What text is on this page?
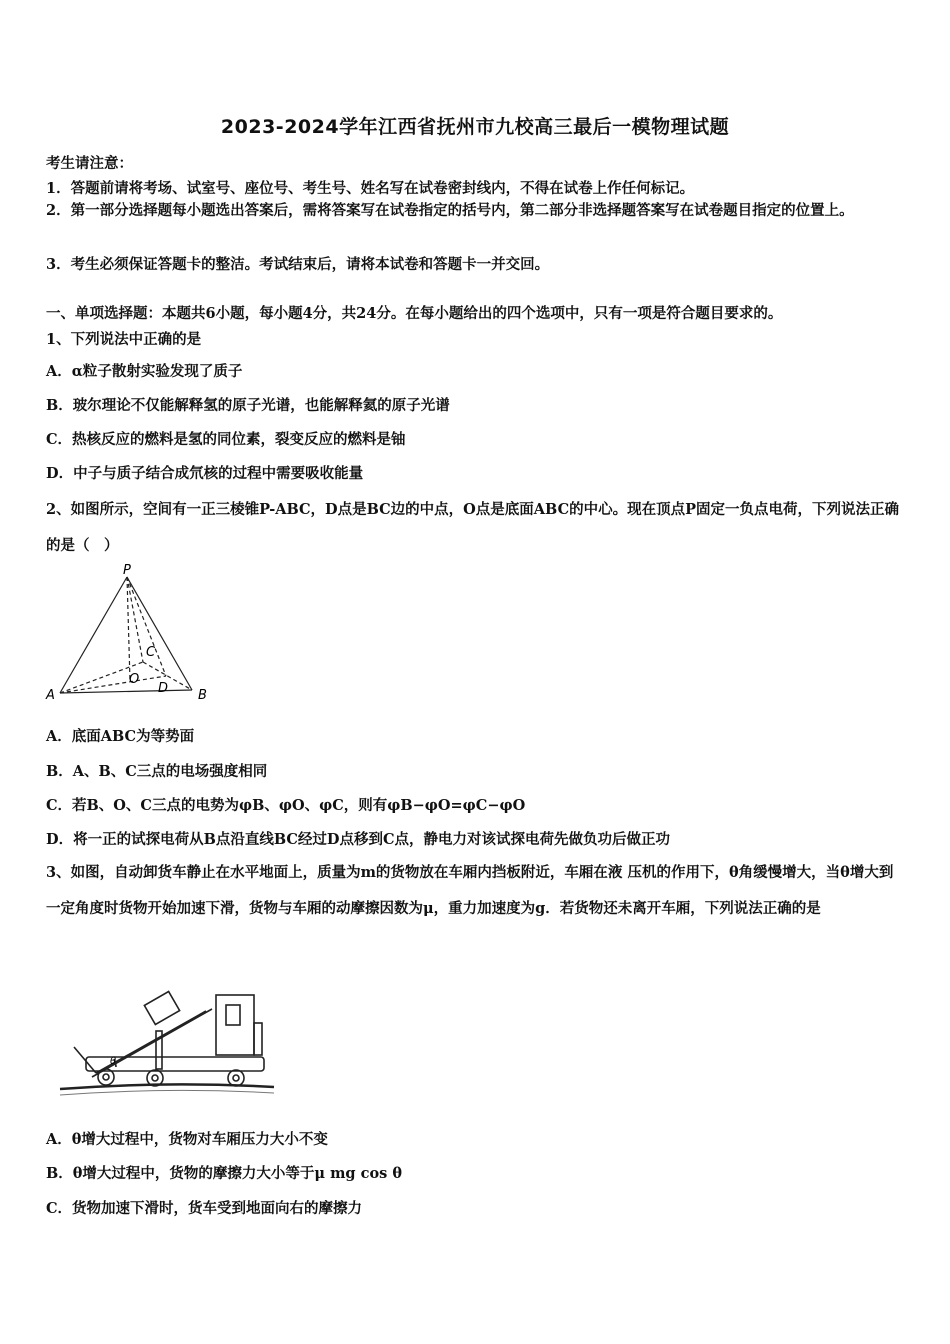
2023-2024学年江西省抚州市九校高三最后一模物理试题
考生请注意：
1．答题前请将考场、试室号、座位号、考生号、姓名写在试卷密封线内，不得在试卷上作任何标记。
2．第一部分选择题每小题选出答案后，需将答案写在试卷指定的括号内，第二部分非选择题答案写在试卷题目指定的位置上。
3．考生必须保证答题卡的整洁。考试结束后，请将本试卷和答题卡一并交回。
一、单项选择题：本题共6小题，每小题4分，共24分。在每小题给出的四个选项中，只有一项是符合题目要求的。
1、下列说法中正确的是
A．α粒子散射实验发现了质子
B．玻尔理论不仅能解释氢的原子光谱，也能解释氦的原子光谱
C．热核反应的燃料是氢的同位素，裂变反应的燃料是铀
D．中子与质子结合成氘核的过程中需要吸收能量
2、如图所示，空间有一正三棱锥P-ABC，D点是BC边的中点，O点是底面ABC的中心。现在顶点P固定一负点电荷，下列说法正确的是（　）
P
C
O
D
A	B
A．底面ABC为等势面
B．A、B、C三点的电场强度相同
C．若B、O、C三点的电势为φB、φO、φC，则有φB−φO=φC−φO
D．将一正的试探电荷从B点沿直线BC经过D点移到C点，静电力对该试探电荷先做负功后做正功
3、如图，自动卸货车静止在水平地面上，质量为m的货物放在车厢内挡板附近，车厢在液 压机的作用下，θ角缓慢增大，当θ增大到一定角度时货物开始加速下滑，货物与车厢的动摩擦因数为μ，重力加速度为g．若货物还未离开车厢，下列说法正确的是
θ
A．θ增大过程中，货物对车厢压力大小不变
B．θ增大过程中，货物的摩擦力大小等于μ mg cos θ
C．货物加速下滑时，货车受到地面向右的摩擦力
